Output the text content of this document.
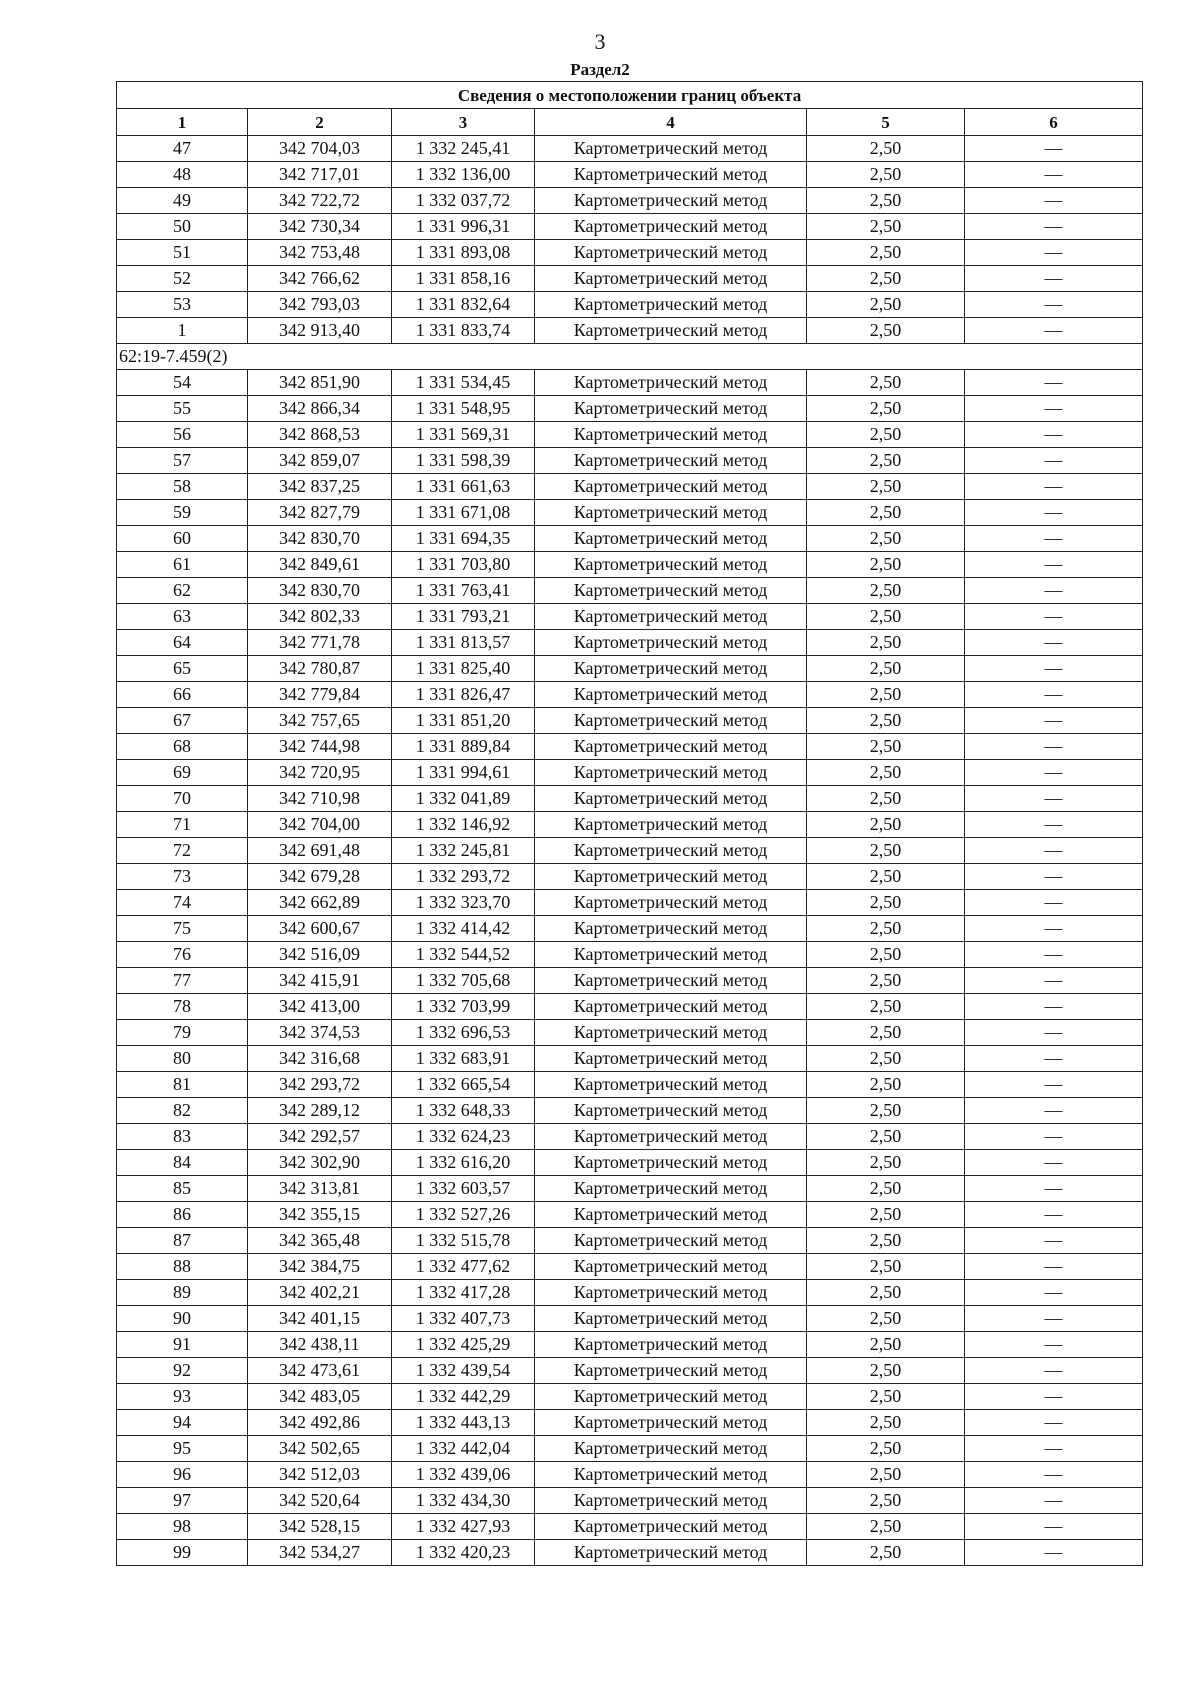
3
Раздел2
Сведения о местоположении границ объекта					
1	2	3	4	5	6
47	342 704,03	1 332 245,41	Картометрический метод	2,50	—
48	342 717,01	1 332 136,00	Картометрический метод	2,50	—
49	342 722,72	1 332 037,72	Картометрический метод	2,50	—
50	342 730,34	1 331 996,31	Картометрический метод	2,50	—
51	342 753,48	1 331 893,08	Картометрический метод	2,50	—
52	342 766,62	1 331 858,16	Картометрический метод	2,50	—
53	342 793,03	1 331 832,64	Картометрический метод	2,50	—
1	342 913,40	1 331 833,74	Картометрический метод	2,50	—
62:19-7.459(2)					
54	342 851,90	1 331 534,45	Картометрический метод	2,50	—
55	342 866,34	1 331 548,95	Картометрический метод	2,50	—
56	342 868,53	1 331 569,31	Картометрический метод	2,50	—
57	342 859,07	1 331 598,39	Картометрический метод	2,50	—
58	342 837,25	1 331 661,63	Картометрический метод	2,50	—
59	342 827,79	1 331 671,08	Картометрический метод	2,50	—
60	342 830,70	1 331 694,35	Картометрический метод	2,50	—
61	342 849,61	1 331 703,80	Картометрический метод	2,50	—
62	342 830,70	1 331 763,41	Картометрический метод	2,50	—
63	342 802,33	1 331 793,21	Картометрический метод	2,50	—
64	342 771,78	1 331 813,57	Картометрический метод	2,50	—
65	342 780,87	1 331 825,40	Картометрический метод	2,50	—
66	342 779,84	1 331 826,47	Картометрический метод	2,50	—
67	342 757,65	1 331 851,20	Картометрический метод	2,50	—
68	342 744,98	1 331 889,84	Картометрический метод	2,50	—
69	342 720,95	1 331 994,61	Картометрический метод	2,50	—
70	342 710,98	1 332 041,89	Картометрический метод	2,50	—
71	342 704,00	1 332 146,92	Картометрический метод	2,50	—
72	342 691,48	1 332 245,81	Картометрический метод	2,50	—
73	342 679,28	1 332 293,72	Картометрический метод	2,50	—
74	342 662,89	1 332 323,70	Картометрический метод	2,50	—
75	342 600,67	1 332 414,42	Картометрический метод	2,50	—
76	342 516,09	1 332 544,52	Картометрический метод	2,50	—
77	342 415,91	1 332 705,68	Картометрический метод	2,50	—
78	342 413,00	1 332 703,99	Картометрический метод	2,50	—
79	342 374,53	1 332 696,53	Картометрический метод	2,50	—
80	342 316,68	1 332 683,91	Картометрический метод	2,50	—
81	342 293,72	1 332 665,54	Картометрический метод	2,50	—
82	342 289,12	1 332 648,33	Картометрический метод	2,50	—
83	342 292,57	1 332 624,23	Картометрический метод	2,50	—
84	342 302,90	1 332 616,20	Картометрический метод	2,50	—
85	342 313,81	1 332 603,57	Картометрический метод	2,50	—
86	342 355,15	1 332 527,26	Картометрический метод	2,50	—
87	342 365,48	1 332 515,78	Картометрический метод	2,50	—
88	342 384,75	1 332 477,62	Картометрический метод	2,50	—
89	342 402,21	1 332 417,28	Картометрический метод	2,50	—
90	342 401,15	1 332 407,73	Картометрический метод	2,50	—
91	342 438,11	1 332 425,29	Картометрический метод	2,50	—
92	342 473,61	1 332 439,54	Картометрический метод	2,50	—
93	342 483,05	1 332 442,29	Картометрический метод	2,50	—
94	342 492,86	1 332 443,13	Картометрический метод	2,50	—
95	342 502,65	1 332 442,04	Картометрический метод	2,50	—
96	342 512,03	1 332 439,06	Картометрический метод	2,50	—
97	342 520,64	1 332 434,30	Картометрический метод	2,50	—
98	342 528,15	1 332 427,93	Картометрический метод	2,50	—
99	342 534,27	1 332 420,23	Картометрический метод	2,50	—
